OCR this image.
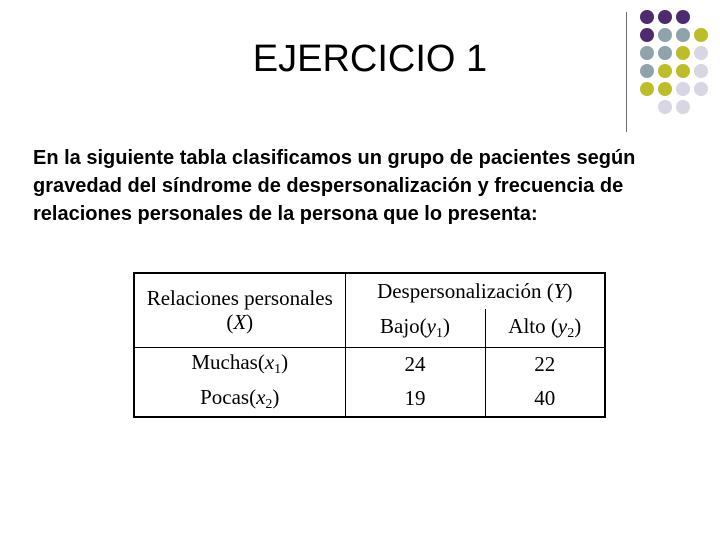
EJERCICIO 1

En la siguiente tabla clasificamos un grupo de pacientes según gravedad del síndrome de despersonalización y frecuencia de relaciones personales de la persona que lo presenta:

Relaciones personales (X)	Despersonalización (Y)	
	$Bajo(y_1)$	Alto $(y_2)$
$Muchas(x_1)$	24	22
$Pocas(x_2)$	19	40
